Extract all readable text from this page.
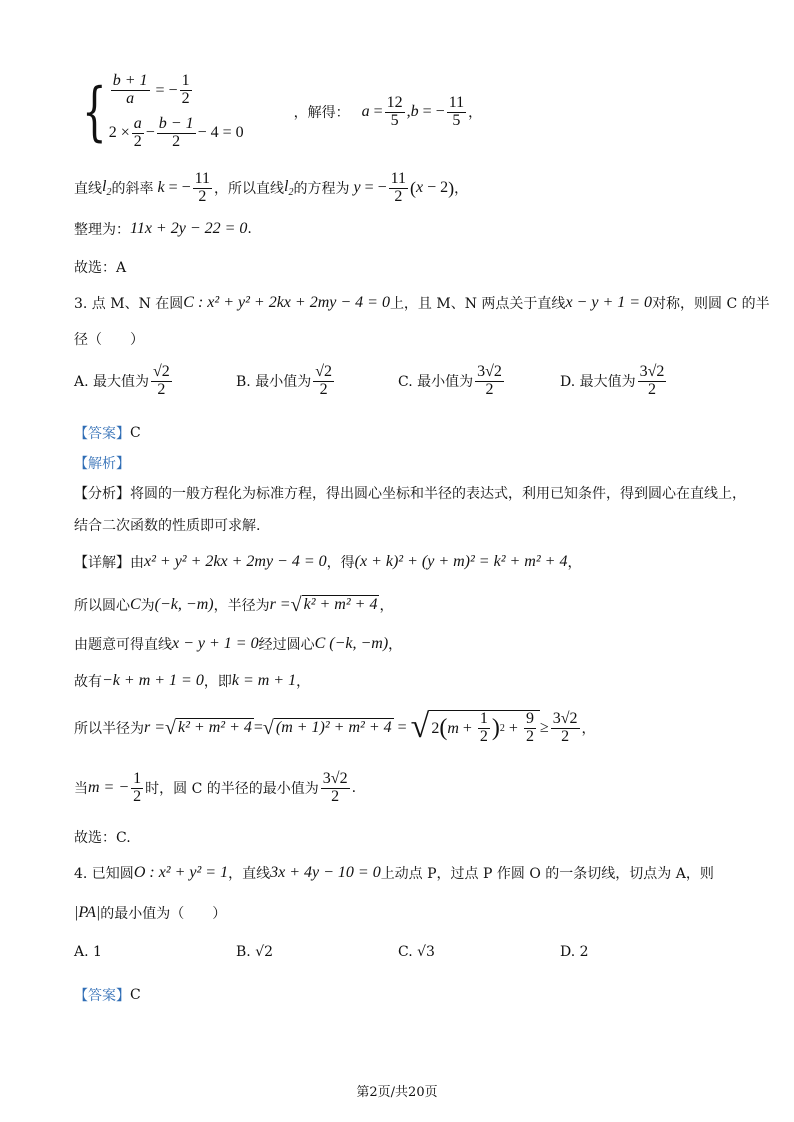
{ $\frac{b + 1}{a}$ = − $\frac{1}{2}$
$2 \times \frac{a}{2} - \frac{b - 1}{2} - 4 = 0$
，解得： $a = \frac{12}{5}$ , b = − $\frac{11}{5}$ ，
直线 $l_2$ 的斜率 k = − $\frac{11}{2}$ ，所以直线 $l_2$ 的方程为 y = − $\frac{11}{2}$ ( x − 2 ) ，
整理为： 11x + 2y − 22 = 0 .
故选：A
3. 点 M、N 在圆 C : x² + y² + 2kx + 2my − 4 = 0 上，且 M、N 两点关于直线 x − y + 1 = 0 对称，则圆 C 的半
径（　　）
A. 最大值为 $\frac{√2}{2}$	B. 最小值为 $\frac{√2}{2}$	C. 最小值为 $\frac{3√2}{2}$	D. 最大值为 $\frac{3√2}{2}$
【答案】 C
【解析】
【分析】 将圆的一般方程化为标准方程，得出圆心坐标和半径的表达式，利用已知条件，得到圆心在直线上，
结合二次函数的性质即可求解.
【详解】 由 x² + y² + 2kx + 2my − 4 = 0 ，得 (x + k)² + (y + m)² = k² + m² + 4 ，
所以圆心 C 为 (−k, −m) ，半径为 r = √ k² + m² + 4 ，
由题意可得直线 x − y + 1 = 0 经过圆心 C (−k, −m) ，
故有 −k + m + 1 = 0 ，即 k = m + 1 ，
所以半径为 r = √ k² + m² + 4 = √ (m + 1)² + m² + 4 = √ 2 ( $m + \frac{1}{2}$ ) $2 + \frac{9}{2} \ge \frac{3√2}{2}$ ，
当 m = − $\frac{1}{2}$ 时，圆 C 的半径的最小值为 $\frac{3√2}{2}$ .
故选：C.
4. 已知圆 O : x² + y² = 1 ，直线 3x + 4y − 10 = 0 上动点 P，过点 P 作圆 O 的一条切线，切点为 A，则
|PA| 的最小值为（　　）
A. 1	B. √2	C. √3	D. 2
【答案】 C
第2页/共20页
